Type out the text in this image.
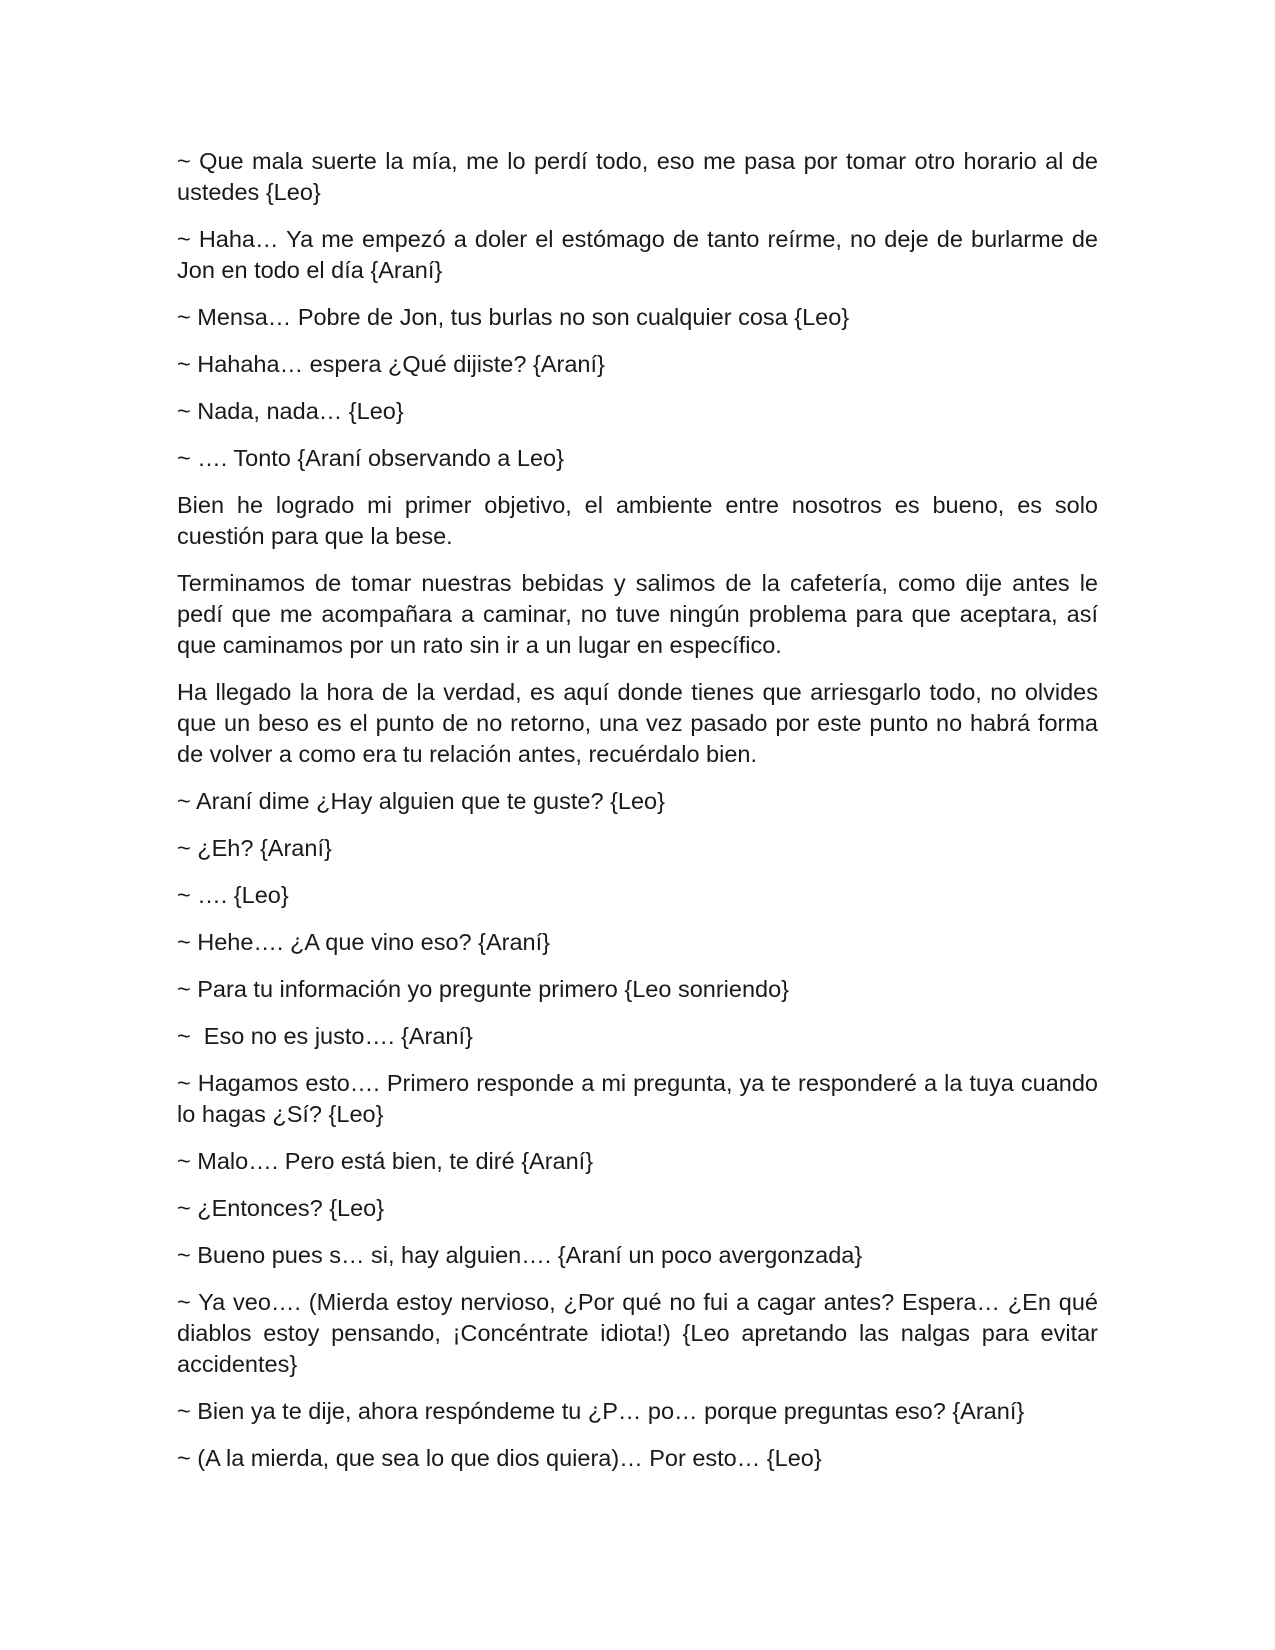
~ Que mala suerte la mía, me lo perdí todo, eso me pasa por tomar otro horario al de ustedes {Leo}

~ Haha… Ya me empezó a doler el estómago de tanto reírme, no deje de burlarme de Jon en todo el día {Araní}

~ Mensa… Pobre de Jon, tus burlas no son cualquier cosa {Leo}

~ Hahaha… espera ¿Qué dijiste? {Araní}

~ Nada, nada… {Leo}

~ …. Tonto {Araní observando a Leo}

Bien he logrado mi primer objetivo, el ambiente entre nosotros es bueno, es solo cuestión para que la bese.

Terminamos de tomar nuestras bebidas y salimos de la cafetería, como dije antes le pedí que me acompañara a caminar, no tuve ningún problema para que aceptara, así que caminamos por un rato sin ir a un lugar en específico.

Ha llegado la hora de la verdad, es aquí donde tienes que arriesgarlo todo, no olvides que un beso es el punto de no retorno, una vez pasado por este punto no habrá forma de volver a como era tu relación antes, recuérdalo bien.

~ Araní dime ¿Hay alguien que te guste? {Leo}

~ ¿Eh? {Araní}

~ …. {Leo}

~ Hehe…. ¿A que vino eso? {Araní}

~ Para tu información yo pregunte primero {Leo sonriendo}

~  Eso no es justo…. {Araní}

~ Hagamos esto…. Primero responde a mi pregunta, ya te responderé a la tuya cuando lo hagas ¿Sí? {Leo}

~ Malo…. Pero está bien, te diré {Araní}

~ ¿Entonces? {Leo}

~ Bueno pues s… si, hay alguien…. {Araní un poco avergonzada}

~ Ya veo…. (Mierda estoy nervioso, ¿Por qué no fui a cagar antes? Espera… ¿En qué diablos estoy pensando, ¡Concéntrate idiota!) {Leo apretando las nalgas para evitar accidentes}

~ Bien ya te dije, ahora respóndeme tu ¿P… po… porque preguntas eso? {Araní}

~ (A la mierda, que sea lo que dios quiera)… Por esto… {Leo}
